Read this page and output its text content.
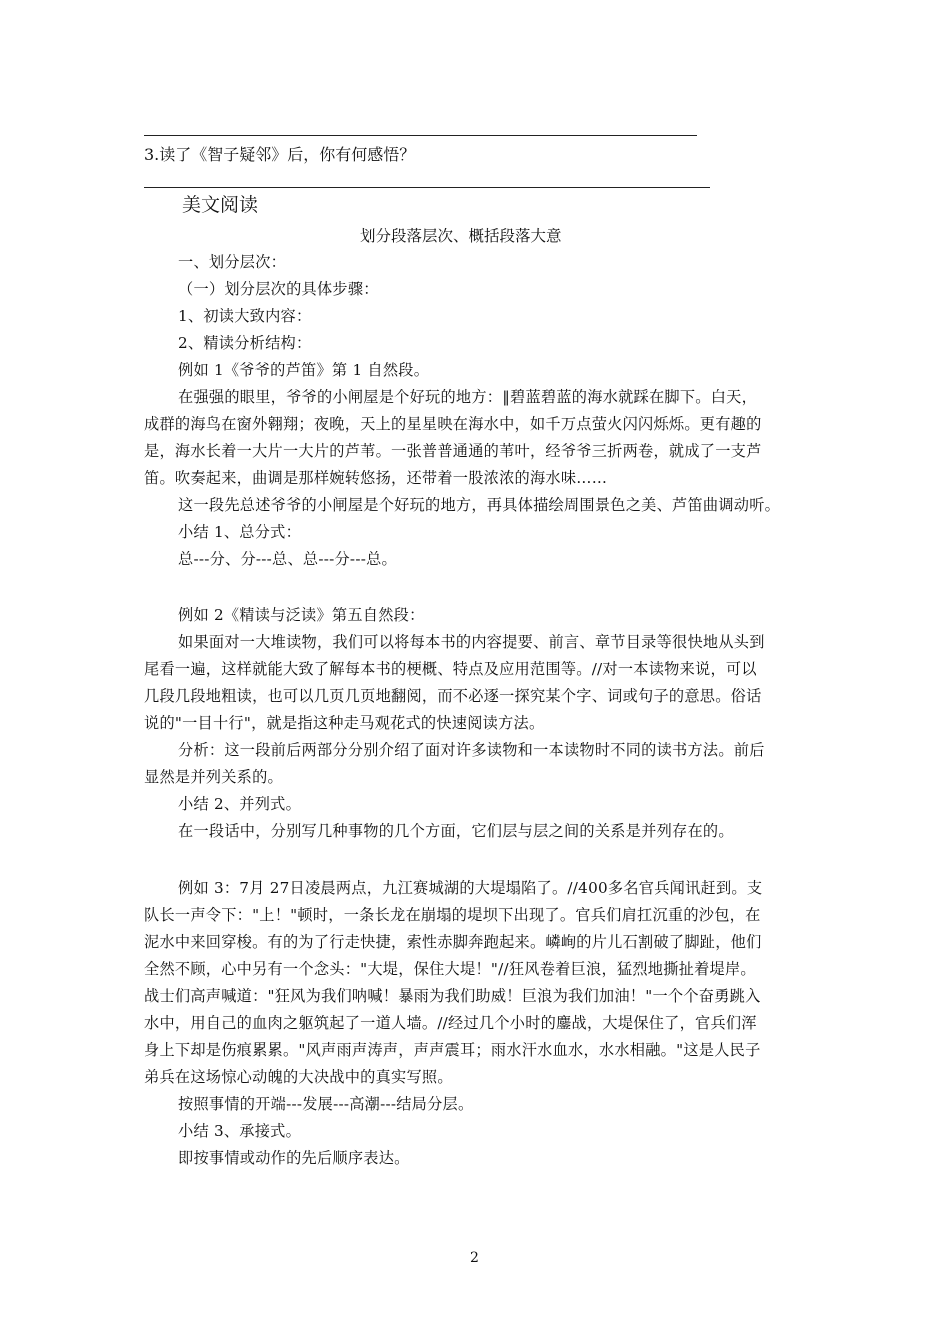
3.读了《智子疑邻》后，你有何感悟？
美文阅读
划分段落层次、概括段落大意
一、划分层次：
（一）划分层次的具体步骤：
1、初读大致内容：
2、精读分析结构：
例如 1《爷爷的芦笛》第 1 自然段。
在强强的眼里，爷爷的小闸屋是个好玩的地方：‖碧蓝碧蓝的海水就踩在脚下。白天，
成群的海鸟在窗外翱翔；夜晚，天上的星星映在海水中，如千万点萤火闪闪烁烁。更有趣的
是，海水长着一大片一大片的芦苇。一张普普通通的苇叶，经爷爷三折两卷，就成了一支芦
笛。吹奏起来，曲调是那样婉转悠扬，还带着一股浓浓的海水味……
这一段先总述爷爷的小闸屋是个好玩的地方，再具体描绘周围景色之美、芦笛曲调动听。
小结 1、总分式：
总---分、分---总、总---分---总。
例如 2《精读与泛读》第五自然段：
如果面对一大堆读物，我们可以将每本书的内容提要、前言、章节目录等很快地从头到
尾看一遍，这样就能大致了解每本书的梗概、特点及应用范围等。//对一本读物来说，可以
几段几段地粗读，也可以几页几页地翻阅，而不必逐一探究某个字、词或句子的意思。俗话
说的"一目十行"，就是指这种走马观花式的快速阅读方法。
分析：这一段前后两部分分别介绍了面对许多读物和一本读物时不同的读书方法。前后
显然是并列关系的。
小结 2、并列式。
在一段话中，分别写几种事物的几个方面，它们层与层之间的关系是并列存在的。
例如 3：7月 27日凌晨两点，九江赛城湖的大堤塌陷了。//400多名官兵闻讯赶到。支
队长一声令下："上！"顿时，一条长龙在崩塌的堤坝下出现了。官兵们肩扛沉重的沙包，在
泥水中来回穿梭。有的为了行走快捷，索性赤脚奔跑起来。嶙峋的片儿石割破了脚趾，他们
全然不顾，心中另有一个念头："大堤，保住大堤！"//狂风卷着巨浪，猛烈地撕扯着堤岸。
战士们高声喊道："狂风为我们呐喊！暴雨为我们助威！巨浪为我们加油！"一个个奋勇跳入
水中，用自己的血肉之躯筑起了一道人墙。//经过几个小时的鏖战，大堤保住了，官兵们浑
身上下却是伤痕累累。"风声雨声涛声，声声震耳；雨水汗水血水，水水相融。"这是人民子
弟兵在这场惊心动魄的大决战中的真实写照。
按照事情的开端---发展---高潮---结局分层。
小结 3、承接式。
即按事情或动作的先后顺序表达。
2
